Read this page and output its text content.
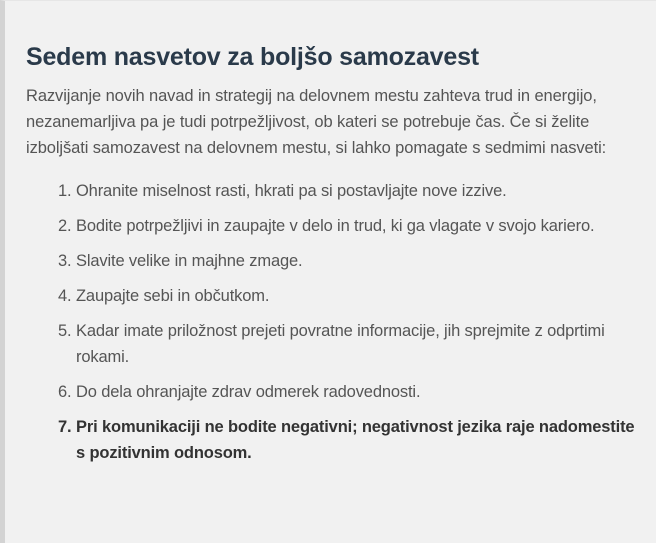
Sedem nasvetov za boljšo samozavest

Razvijanje novih navad in strategij na delovnem mestu zahteva trud in energijo, nezanemarljiva pa je tudi potrpežljivost, ob kateri se potrebuje čas. Če si želite izboljšati samozavest na delovnem mestu, si lahko pomagate s sedmimi nasveti:

1. Ohranite miselnost rasti, hkrati pa si postavljajte nove izzive.
2. Bodite potrpežljivi in zaupajte v delo in trud, ki ga vlagate v svojo kariero.
3. Slavite velike in majhne zmage.
4. Zaupajte sebi in občutkom.
5. Kadar imate priložnost prejeti povratne informacije, jih sprejmite z odprtimi rokami.
6. Do dela ohranjajte zdrav odmerek radovednosti.
7. Pri komunikaciji ne bodite negativni; negativnost jezika raje nadomestite s pozitivnim odnosom.
